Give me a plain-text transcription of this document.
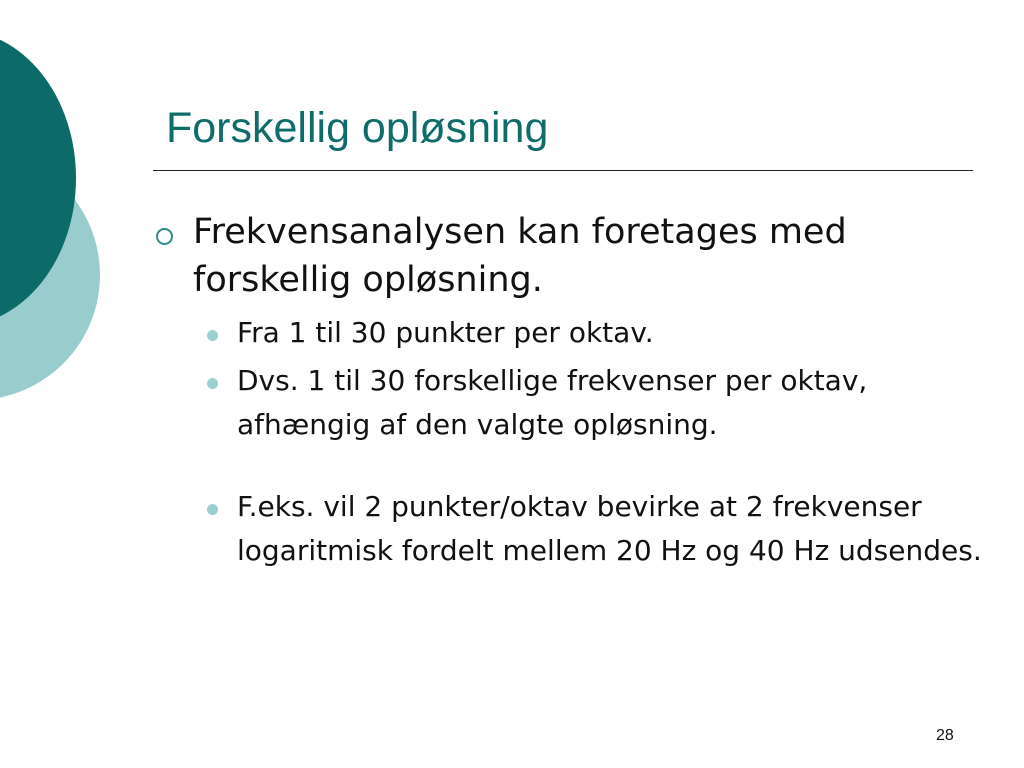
Forskellig opløsning
Frekvensanalysen kan foretages med forskellig opløsning.
Fra 1 til 30 punkter per oktav.
Dvs. 1 til 30 forskellige frekvenser per oktav, afhængig af den valgte opløsning.
F.eks. vil 2 punkter/oktav bevirke at 2 frekvenser logaritmisk fordelt mellem 20 Hz og 40 Hz udsendes.
28
